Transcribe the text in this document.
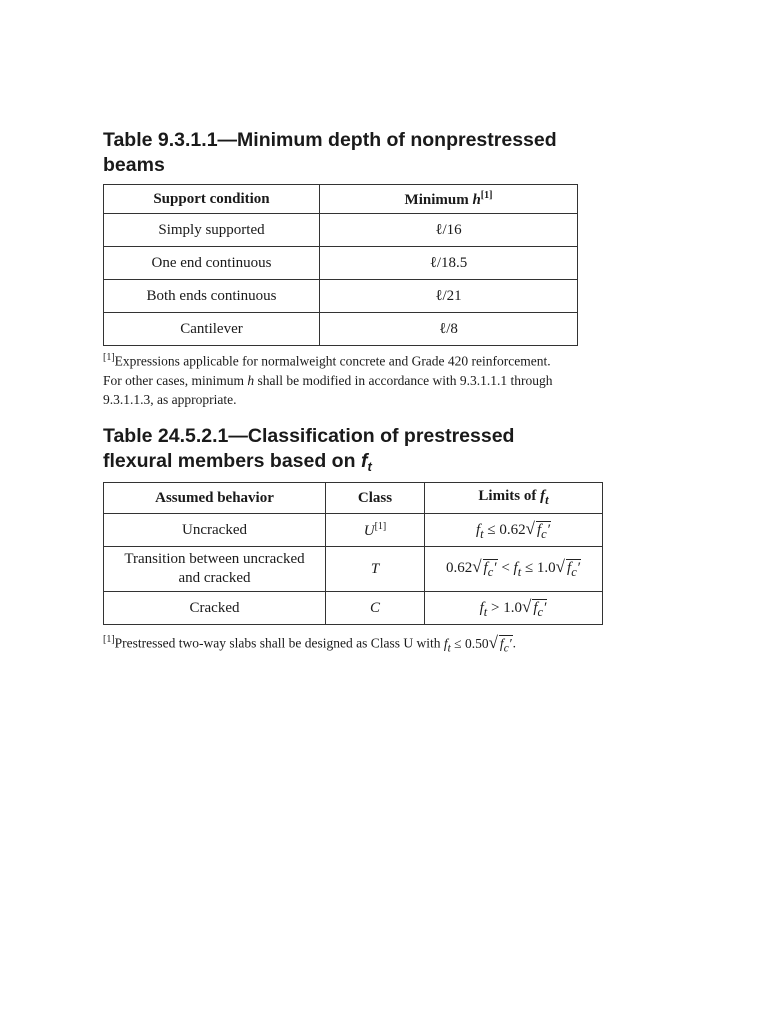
Table 9.3.1.1—Minimum depth of nonprestressed beams
Support condition	Minimum h[1]
Simply supported	ℓ/16
One end continuous	ℓ/18.5
Both ends continuous	ℓ/21
Cantilever	ℓ/8

[1]Expressions applicable for normalweight concrete and Grade 420 reinforcement.
For other cases, minimum h shall be modified in accordance with 9.3.1.1.1 through
9.3.1.1.3, as appropriate.

Table 24.5.2.1—Classification of prestressed flexural members based on $f_t$
Assumed behavior	Class	Limits of $f_t$
Uncracked	U[1]	$f_t \le 0.62√$ $f_c'$
Transition between uncracked
and cracked	T	0.62√ $f_c' < f_t \le 1.0√$ $f_c'$
Cracked	C	$f_t > 1.0√$ $f_c'$

[1]Prestressed two-way slabs shall be designed as Class U with $f_t \le 0.50√$ $f_c'$.
